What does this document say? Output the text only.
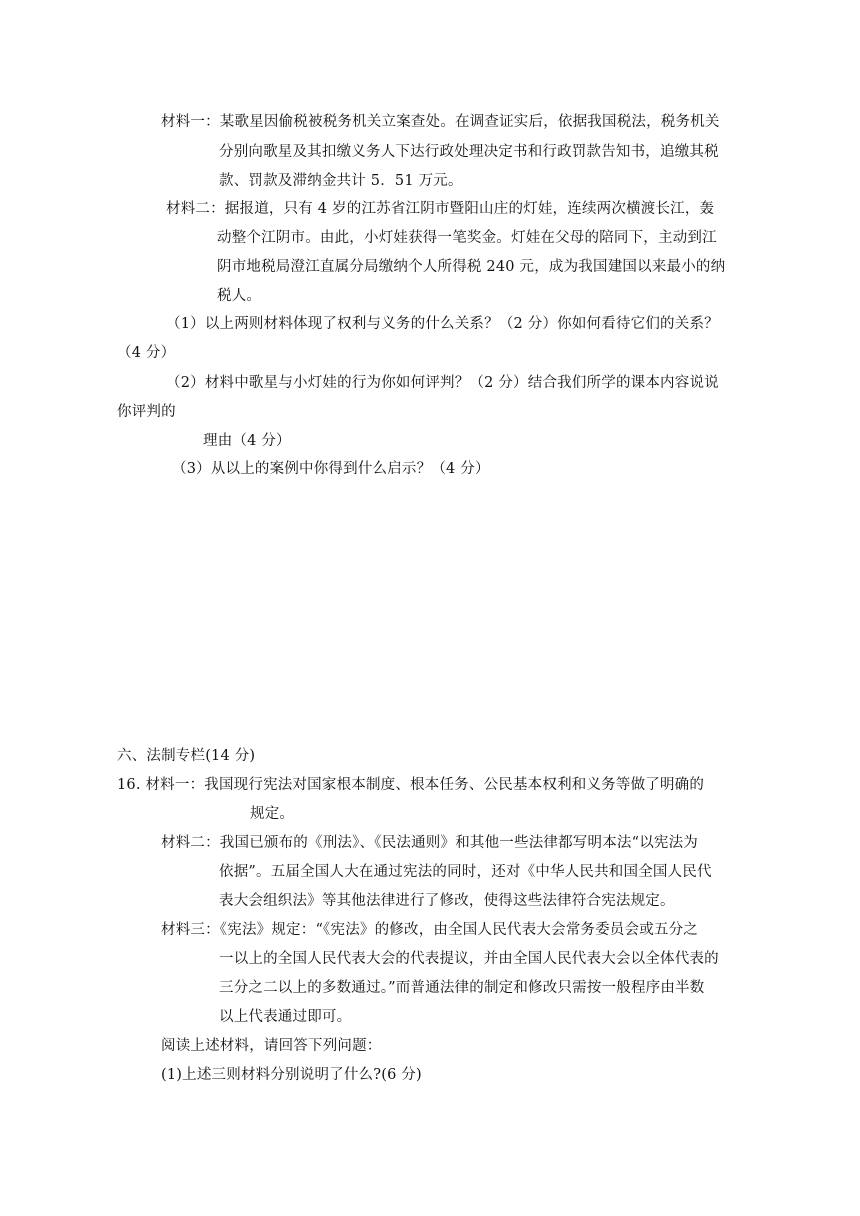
材料一：某歌星因偷税被税务机关立案查处。在调查证实后，依据我国税法，税务机关
分别向歌星及其扣缴义务人下达行政处理决定书和行政罚款告知书，追缴其税
款、罚款及滞纳金共计 5．51 万元。
材料二：据报道，只有 4 岁的江苏省江阴市暨阳山庄的灯娃，连续两次横渡长江，轰
动整个江阴市。由此，小灯娃获得一笔奖金。灯娃在父母的陪同下，主动到江
阴市地税局澄江直属分局缴纳个人所得税 240 元，成为我国建国以来最小的纳
税人。
（1）以上两则材料体现了权利与义务的什么关系？（2 分）你如何看待它们的关系？
（4 分）
（2）材料中歌星与小灯娃的行为你如何评判？（2 分）结合我们所学的课本内容说说
你评判的
理由（4 分）
（3）从以上的案例中你得到什么启示？（4 分）
六、法制专栏(14 分)
16. 材料一：我国现行宪法对国家根本制度、根本任务、公民基本权利和义务等做了明确的
规定。
材料二：我国已颁布的《刑法》、《民法通则》和其他一些法律都写明本法“以宪法为
依据”。五届全国人大在通过宪法的同时，还对《中华人民共和国全国人民代
表大会组织法》等其他法律进行了修改，使得这些法律符合宪法规定。
材料三：《宪法》规定：“《宪法》的修改，由全国人民代表大会常务委员会或五分之
一以上的全国人民代表大会的代表提议，并由全国人民代表大会以全体代表的
三分之二以上的多数通过。”而普通法律的制定和修改只需按一般程序由半数
以上代表通过即可。
阅读上述材料，请回答下列问题：
(1)上述三则材料分别说明了什么?(6 分)
